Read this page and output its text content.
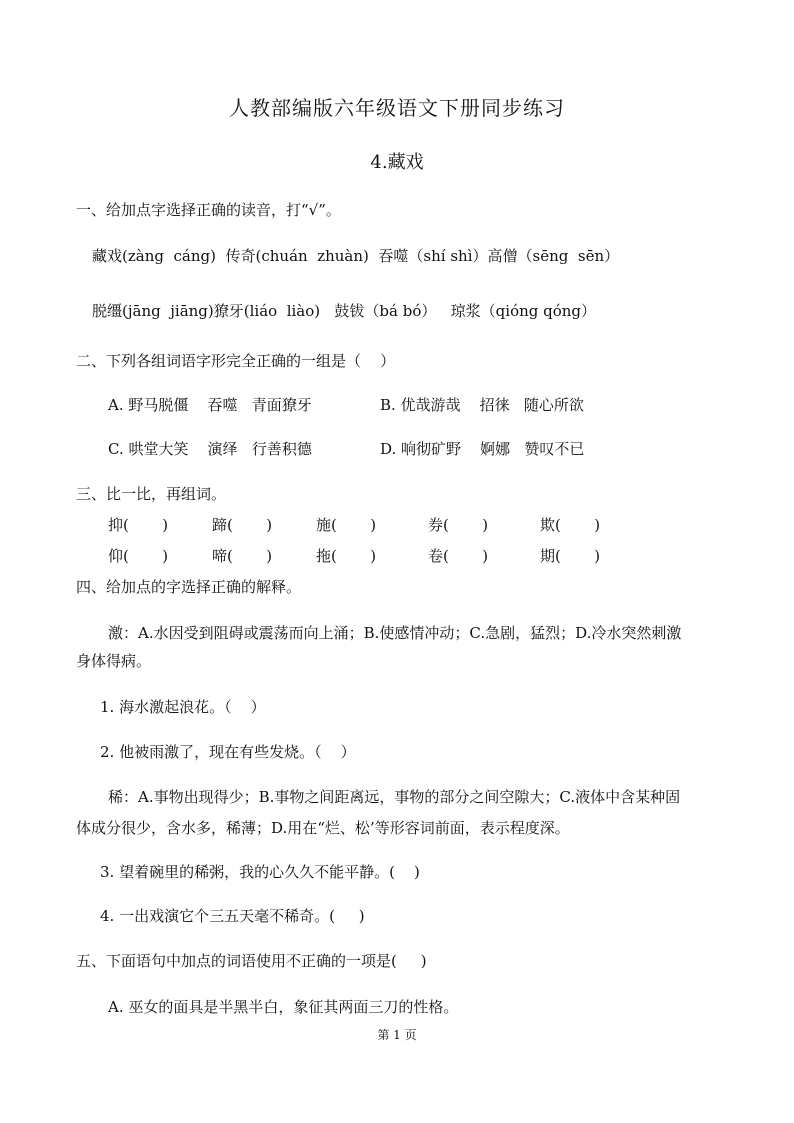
人教部编版六年级语文下册同步练习
4.藏戏
一、给加点字选择正确的读音，打“√”。
藏戏(zàng  cáng)  传奇(chuán  zhuàn)  吞噬（shí shì）高僧（sēng  sēn）
脱缰(jāng  jiāng)獠牙(liáo  liào)   鼓钹（bá bó）   琼浆（qióng qóng）
二、下列各组词语字形完全正确的一组是（    ）
A. 野马脱僵    吞噬   青面獠牙	B. 优哉游哉    招徕   随心所欲
C. 哄堂大笑    演绎   行善积德	D. 响彻矿野    婀娜   赞叹不已
三、比一比，再组词。
抑(       )	蹄(       )	施(       )	券(       )	欺(       )
仰(       )	啼(       )	拖(       )	卷(       )	期(       )
四、给加点的字选择正确的解释。
激：A.水因受到阻碍或震荡而向上涌；B.使感情冲动；C.急剧，猛烈；D.冷水突然刺激
身体得病。
1. 海水激起浪花。（    ）
2. 他被雨激了，现在有些发烧。（    ）
稀：A.事物出现得少；B.事物之间距离远，事物的部分之间空隙大；C.液体中含某种固
体成分很少，含水多，稀薄；D.用在“烂、松’等形容词前面，表示程度深。
3. 望着碗里的稀粥，我的心久久不能平静。(    )
4. 一出戏演它个三五天毫不稀奇。(     )
五、下面语句中加点的词语使用不正确的一项是(     )
A. 巫女的面具是半黑半白，象征其两面三刀的性格。
第 1 页
